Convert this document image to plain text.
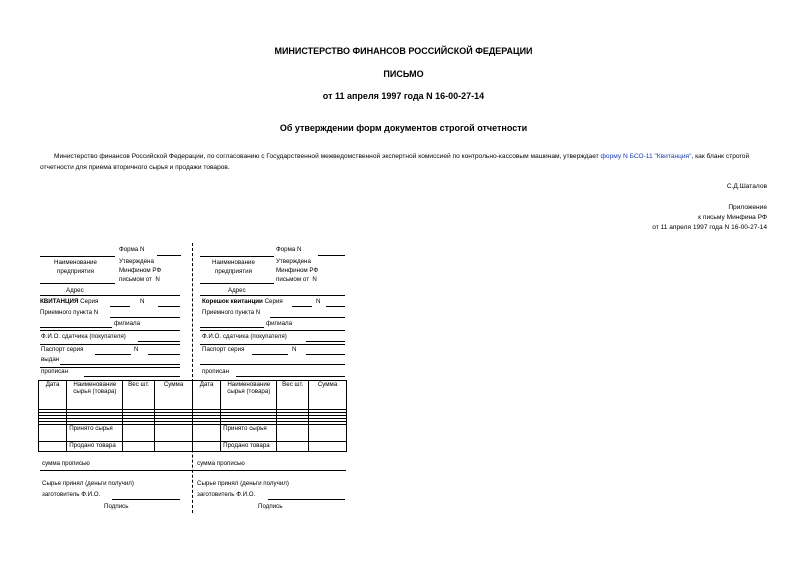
МИНИСТЕРСТВО ФИНАНСОВ РОССИЙСКОЙ ФЕДЕРАЦИИ
ПИСЬМО
от 11 апреля 1997 года N 16-00-27-14
Об утверждении форм документов строгой отчетности
Министерство финансов Российской Федерации, по согласованию с Государственной межведомственной экспертной комиссией по контрольно-кассовым машинам, утверждает форму N БСО-11 "Квитанция", как бланк строгой отчетности для приема вторичного сырья и продажи товаров.
С.Д.Шаталов
Приложение
к письму Минфина РФ
от 11 апреля 1997 года N 16-00-27-14
Форма N
Наименование
предприятия
Утверждена
Минфином РФ
письмом от N
Адрес
КВИТАНЦИЯ Серия	N
Приемного пункта N
филиала
Ф.И.О. сдатчика (покупателя)
Паспорт серия	N
выдан
прописан
Форма N
Наименование
предприятия
Утверждена
Минфином РФ
письмом от N
Адрес
Корешок квитанции Серия	N
Приемного пункта N
филиала
Ф.И.О. сдатчика (покупателя)
Паспорт серия	N
прописан
Дата	Наименование сырья (товара)	Вес шт.	Сумма	Дата	Наименование сырья (товара)	Вес шт.	Сумма

	Принято сырья				Принято сырья		
	Продано товара				Продано товара		
сумма прописью	сумма прописью
Сырье принял (деньги получил)	Сырье принял (деньги получил)
заготовитель Ф.И.О.	заготовитель Ф.И.О.
Подпись	Подпись
